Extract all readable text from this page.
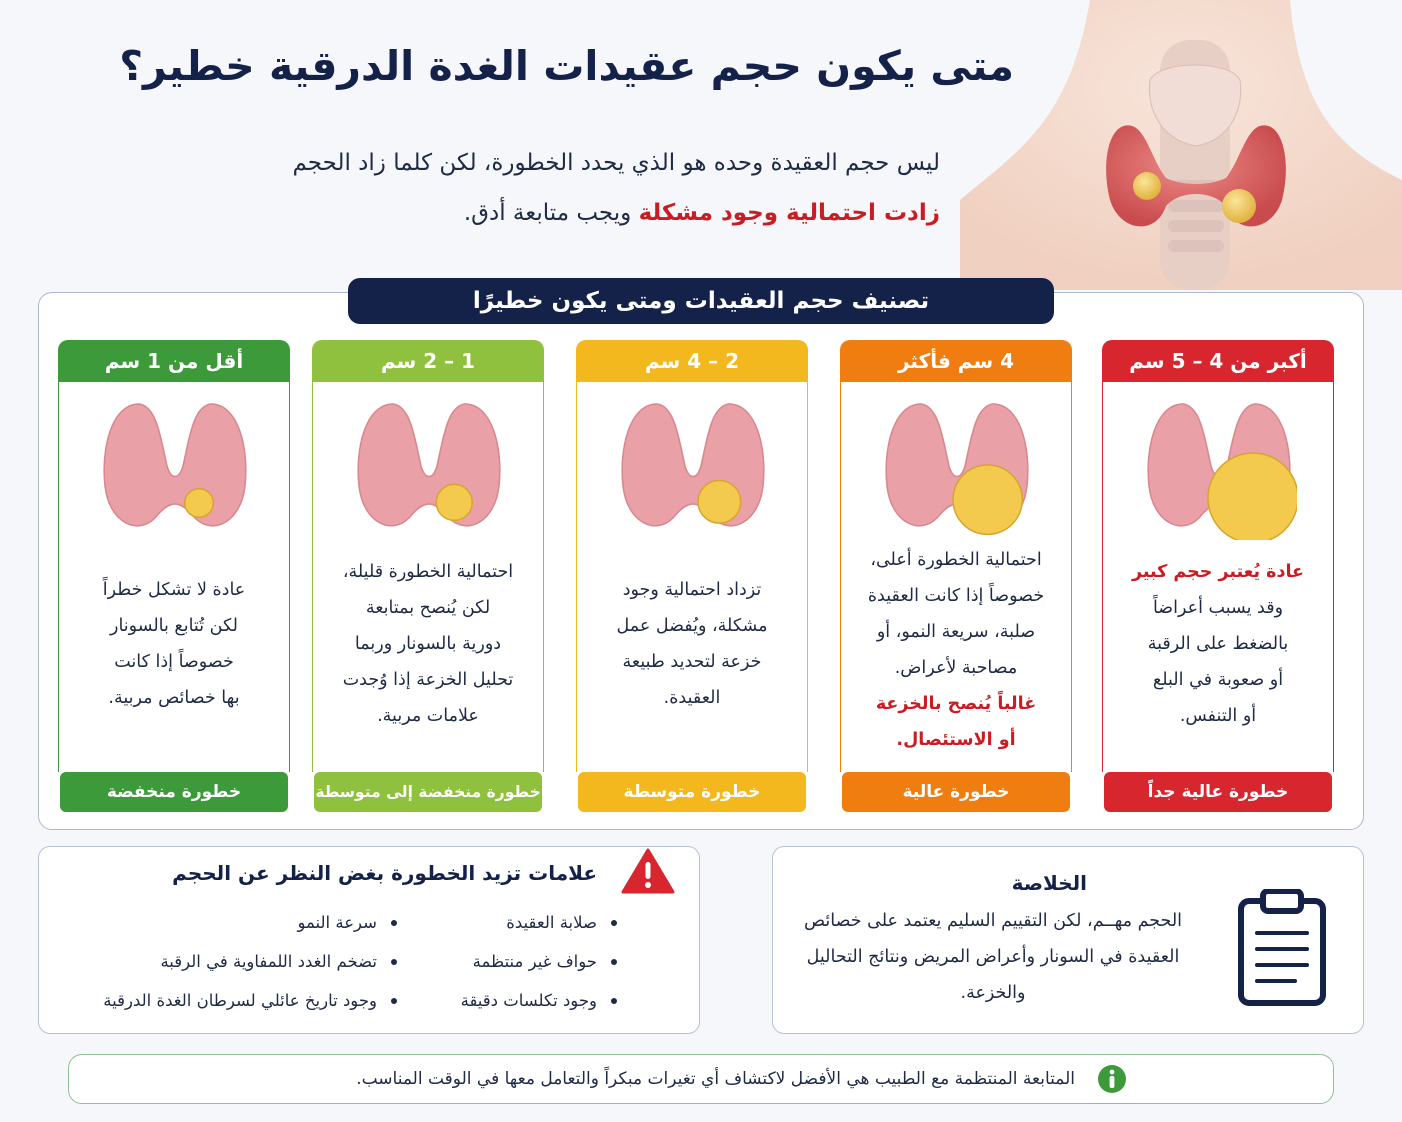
متى يكون حجم عقيدات الغدة الدرقية خطير؟
ليس حجم العقيدة وحده هو الذي يحدد الخطورة، لكن كلما زاد الحجم
زادت احتمالية وجود مشكلة ويجب متابعة أدق.
تصنيف حجم العقيدات ومتى يكون خطيرًا
أكبر من 4 – 5 سم
عادة يُعتبر حجم كبير
وقد يسبب أعراضاً
بالضغط على الرقبة
أو صعوبة في البلع
أو التنفس.
خطورة عالية جداً
4 سم فأكثر
احتمالية الخطورة أعلى،
خصوصاً إذا كانت العقيدة
صلبة، سريعة النمو، أو
مصاحبة لأعراض.
غالباً يُنصح بالخزعة
أو الاستئصال.
خطورة عالية
2 – 4 سم
تزداد احتمالية وجود
مشكلة، ويُفضل عمل
خزعة لتحديد طبيعة
العقيدة.
خطورة متوسطة
1 – 2 سم
احتمالية الخطورة قليلة،
لكن يُنصح بمتابعة
دورية بالسونار وربما
تحليل الخزعة إذا وُجدت
علامات مربية.
خطورة منخفضة إلى متوسطة
أقل من 1 سم
عادة لا تشكل خطراً
لكن تُتابع بالسونار
خصوصاً إذا كانت
بها خصائص مربية.
خطورة منخفضة
علامات تزيد الخطورة بغض النظر عن الحجم
صلابة العقيدة
حواف غير منتظمة
وجود تكلسات دقيقة
سرعة النمو
تضخم الغدد اللمفاوية في الرقبة
وجود تاريخ عائلي لسرطان الغدة الدرقية
الخلاصة
الحجم مهــم، لكن التقييم السليم يعتمد على خصائص العقيدة في السونار وأعراض المريض ونتائج التحاليل والخزعة.
المتابعة المنتظمة مع الطبيب هي الأفضل لاكتشاف أي تغيرات مبكراً والتعامل معها في الوقت المناسب.
